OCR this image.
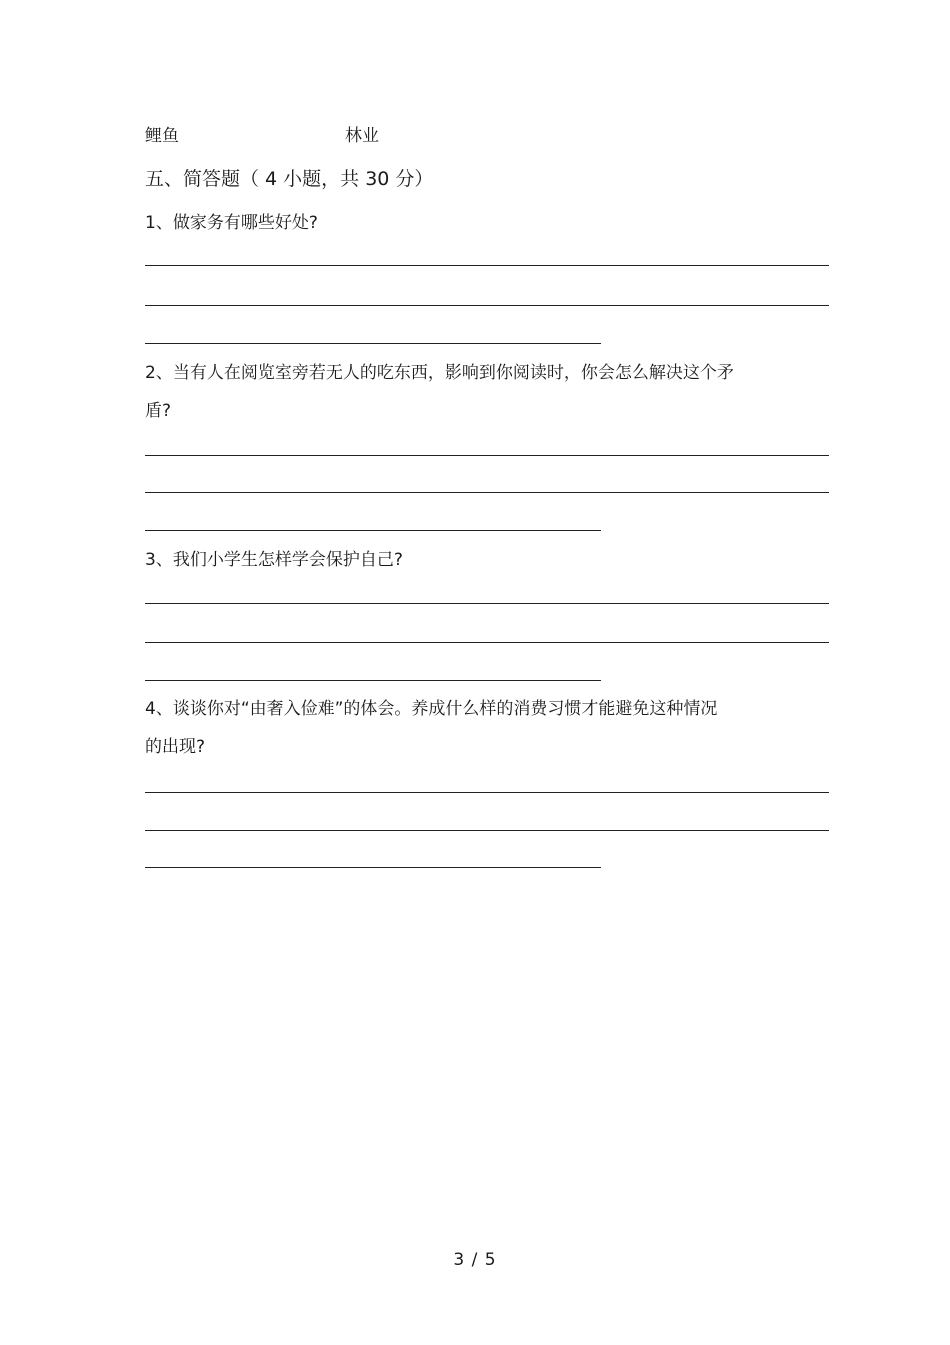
鲤鱼	林业
五、简答题（ 4 小题，共 30 分）
1、做家务有哪些好处?
2、当有人在阅览室旁若无人的吃东西，影响到你阅读时，你会怎么解决这个矛
盾?
3、我们小学生怎样学会保护自己?
4、谈谈你对“由奢入俭难”的体会。养成什么样的消费习惯才能避免这种情况
的出现?
3 / 5
